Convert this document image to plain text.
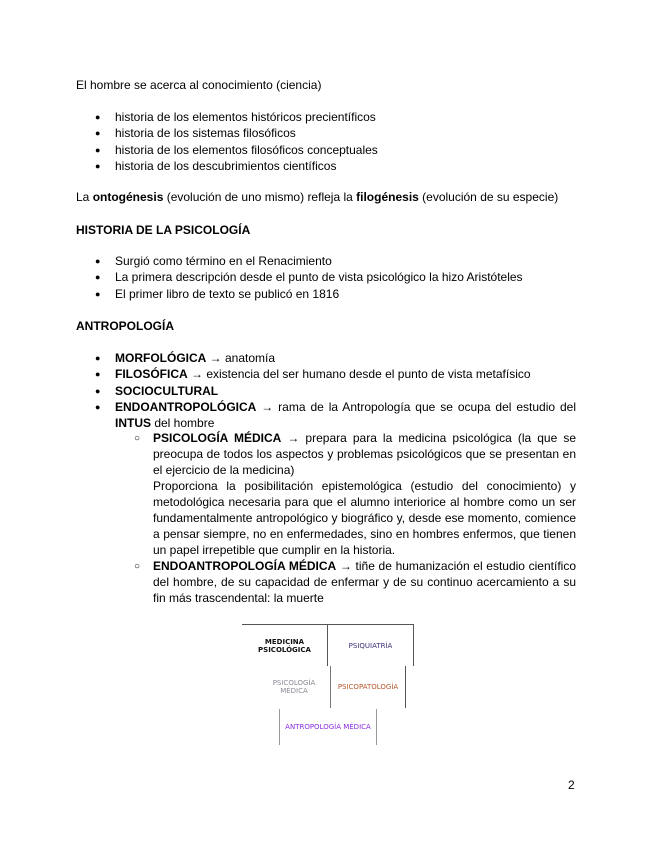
El hombre se acerca al conocimiento (ciencia)

● historia de los elementos históricos precientíficos
● historia de los sistemas filosóficos
● historia de los elementos filosóficos conceptuales
● historia de los descubrimientos científicos

La ontogénesis (evolución de uno mismo) refleja la filogénesis (evolución de su especie)

HISTORIA DE LA PSICOLOGÍA

● Surgió como término en el Renacimiento
● La primera descripción desde el punto de vista psicológico la hizo Aristóteles
● El primer libro de texto se publicó en 1816

ANTROPOLOGÍA

● MORFOLÓGICA → anatomía
● FILOSÓFICA → existencia del ser humano desde el punto de vista metafísico
● SOCIOCULTURAL
● ENDOANTROPOLÓGICA → rama de la Antropología que se ocupa del estudio del INTUS del hombre
○ PSICOLOGÍA MÉDICA → prepara para la medicina psicológica (la que se preocupa de todos los aspectos y problemas psicológicos que se presentan en el ejercicio de la medicina)
Proporciona la posibilitación epistemológica (estudio del conocimiento) y metodológica necesaria para que el alumno interiorice al hombre como un ser fundamentalmente antropológico y biográfico y, desde ese momento, comience a pensar siempre, no en enfermedades, sino en hombres enfermos, que tienen un papel irrepetible que cumplir en la historia.
○ ENDOANTROPOLOGÍA MÉDICA → tiñe de humanización el estudio científico del hombre, de su capacidad de enfermar y de su continuo acercamiento a su fin más trascendental: la muerte
MEDICINA PSICOLÓGICA	PSIQUIATRÍA
PSICOLOGÍA MÉDICA	PSICOPATOLOGÍA
ANTROPOLOGÍA MÉDICA
2
